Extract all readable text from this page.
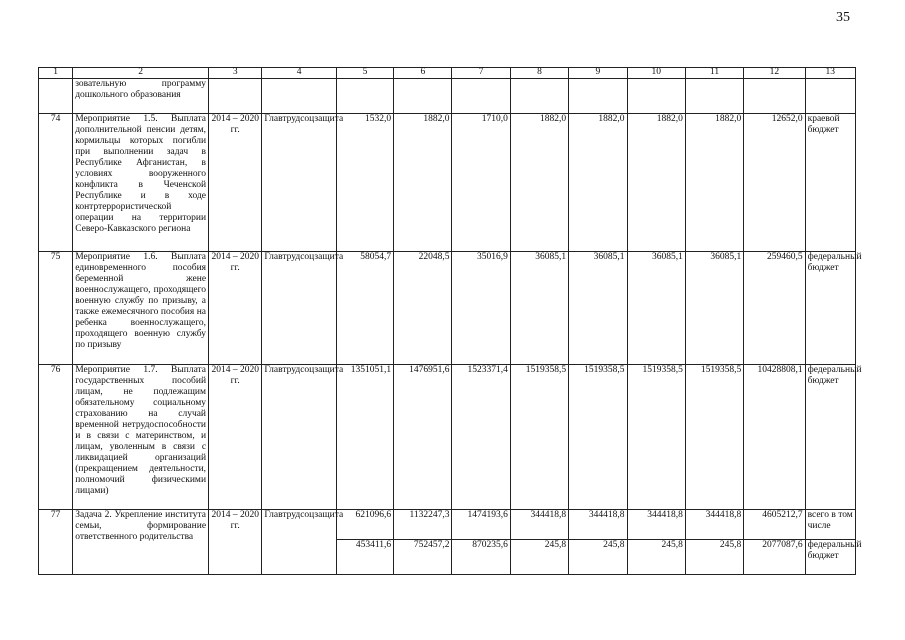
35
1	2	3	4	5	6	7	8	9	10	11	12	13
	зовательную программу дошкольного образования											
74	Мероприятие 1.5. Выплата дополнительной пенсии детям, кормильцы которых погибли при выполнении задач в Республике Афганистан, в условиях вооруженного конфликта в Чеченской Республике и в ходе контртеррористической операции на территории Северо-Кавказского региона	2014 – 2020 гг.	Главтрудсоцзащита	1532,0	1882,0	1710,0	1882,0	1882,0	1882,0	1882,0	12652,0	краевой бюджет
75	Мероприятие 1.6. Выплата единовременного пособия беременной жене военнослужащего, проходящего военную службу по призыву, а также ежемесячного пособия на ребенка военнослужащего, проходящего военную службу по призыву	2014 – 2020 гг.	Главтрудсоцзащита	58054,7	22048,5	35016,9	36085,1	36085,1	36085,1	36085,1	259460,5	федеральный бюджет
76	Мероприятие 1.7. Выплата государственных пособий лицам, не подлежащим обязательному социальному страхованию на случай временной нетрудоспособности и в связи с материнством, и лицам, уволенным в связи с ликвидацией организаций (прекращением деятельности, полномочий физическими лицами)	2014 – 2020 гг.	Главтрудсоцзащита	1351051,1	1476951,6	1523371,4	1519358,5	1519358,5	1519358,5	1519358,5	10428808,1	федеральный бюджет
77	Задача 2. Укрепление института семьи, формирование ответственного родительства	2014 – 2020 гг.	Главтрудсоцзащита	621096,6	1132247,3	1474193,6	344418,8	344418,8	344418,8	344418,8	4605212,7	всего в том числе
				453411,6	752457,2	870235,6	245,8	245,8	245,8	245,8	2077087,6	федеральный бюджет
